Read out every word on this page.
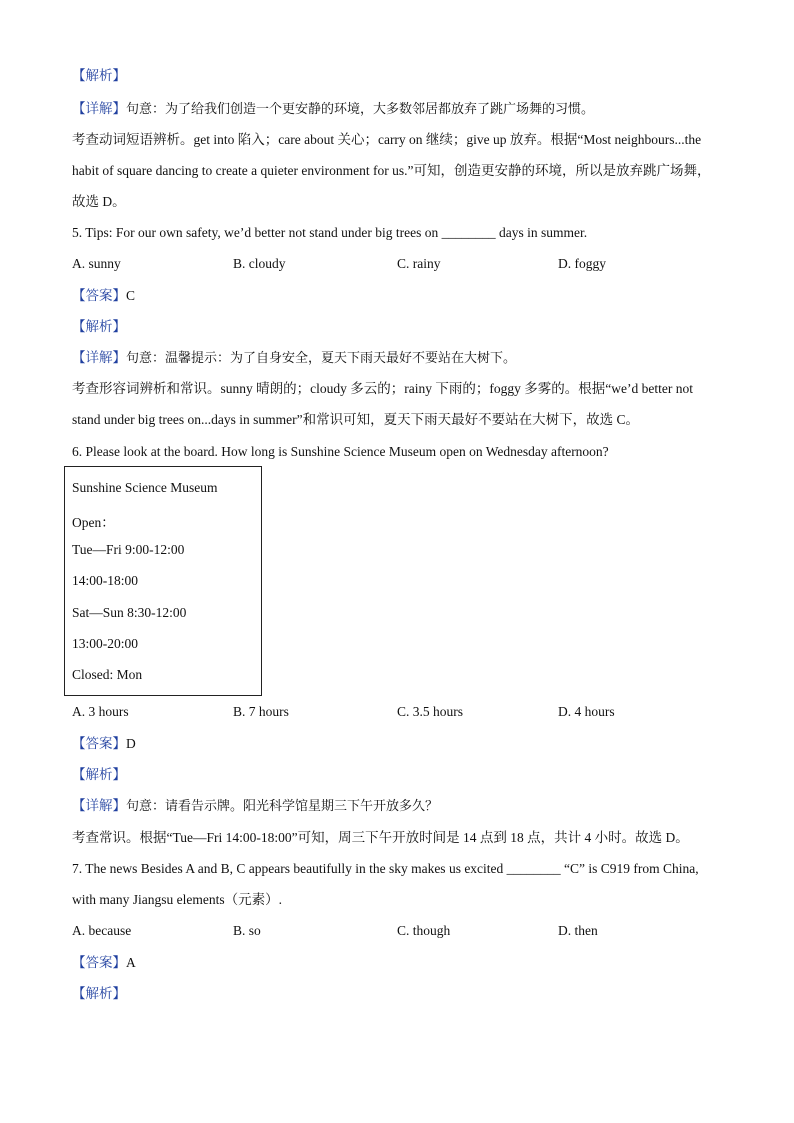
【解析】
【详解】句意：为了给我们创造一个更安静的环境，大多数邻居都放弃了跳广场舞的习惯。
考查动词短语辨析。get into 陷入；care about 关心；carry on 继续；give up 放弃。根据“Most neighbours...the
habit of square dancing to create a quieter environment for us.”可知，创造更安静的环境，所以是放弃跳广场舞，
故选 D。
5. Tips: For our own safety, we’d better not stand under big trees on ________ days in summer.
A. sunny	B. cloudy	C. rainy	D. foggy
【答案】C
【解析】
【详解】句意：温馨提示：为了自身安全，夏天下雨天最好不要站在大树下。
考查形容词辨析和常识。sunny 晴朗的；cloudy 多云的；rainy 下雨的；foggy 多雾的。根据“we’d better not
stand under big trees on...days in summer”和常识可知，夏天下雨天最好不要站在大树下，故选 C。
6. Please look at the board. How long is Sunshine Science Museum open on Wednesday afternoon?
Sunshine Science Museum
Open：
Tue—Fri 9:00-12:00
14:00-18:00
Sat—Sun 8:30-12:00
13:00-20:00
Closed: Mon
A. 3 hours	B. 7 hours	C. 3.5 hours	D. 4 hours
【答案】D
【解析】
【详解】句意：请看告示牌。阳光科学馆星期三下午开放多久？
考查常识。根据“Tue—Fri 14:00-18:00”可知，周三下午开放时间是 14 点到 18 点，共计 4 小时。故选 D。
7. The news Besides A and B, C appears beautifully in the sky makes us excited ________ “C” is C919 from China,
with many Jiangsu elements（元素）.
A. because	B. so	C. though	D. then
【答案】A
【解析】
